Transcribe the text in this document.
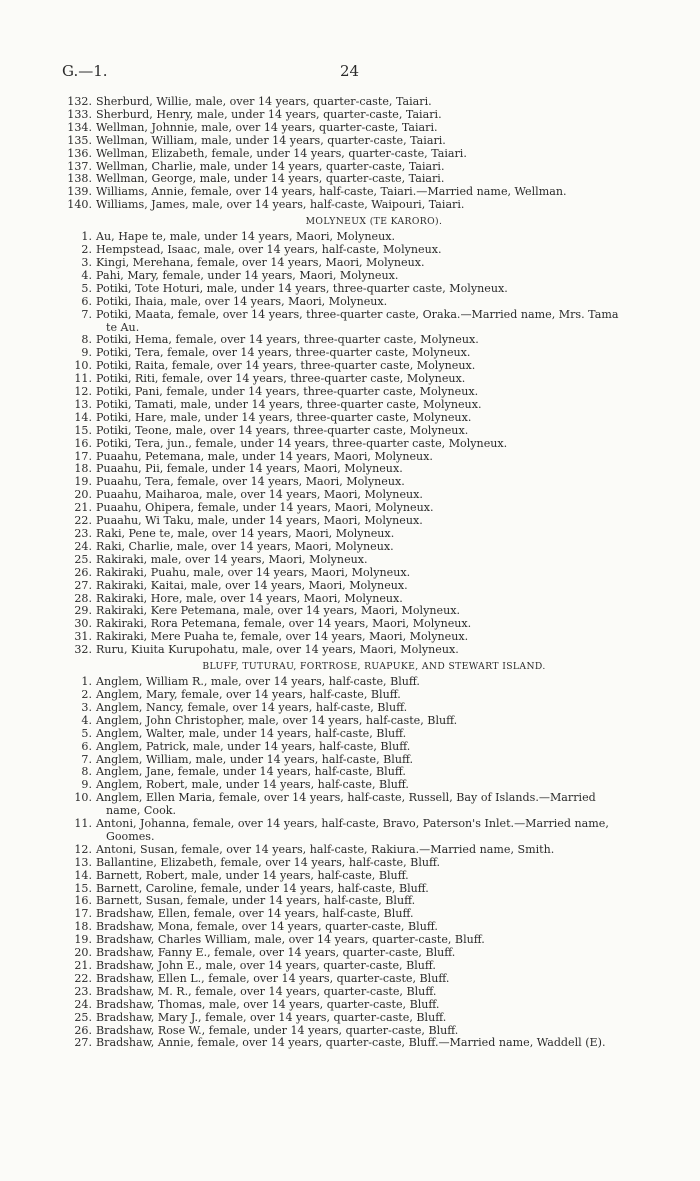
G.—1.	24
132. Sherburd, Willie, male, over 14 years, quarter-caste, Taiari.
133. Sherburd, Henry, male, under 14 years, quarter-caste, Taiari.
134. Wellman, Johnnie, male, over 14 years, quarter-caste, Taiari.
135. Wellman, William, male, under 14 years, quarter-caste, Taiari.
136. Wellman, Elizabeth, female, under 14 years, quarter-caste, Taiari.
137. Wellman, Charlie, male, under 14 years, quarter-caste, Taiari.
138. Wellman, George, male, under 14 years, quarter-caste, Taiari.
139. Williams, Annie, female, over 14 years, half-caste, Taiari.—Married name, Wellman.
140. Williams, James, male, over 14 years, half-caste, Waipouri, Taiari.
MOLYNEUX (TE KARORO).
1. Au, Hape te, male, under 14 years, Maori, Molyneux.
2. Hempstead, Isaac, male, over 14 years, half-caste, Molyneux.
3. Kingi, Merehana, female, over 14 years, Maori, Molyneux.
4. Pahi, Mary, female, under 14 years, Maori, Molyneux.
5. Potiki, Tote Hoturi, male, under 14 years, three-quarter caste, Molyneux.
6. Potiki, Ihaia, male, over 14 years, Maori, Molyneux.
7. Potiki, Maata, female, over 14 years, three-quarter caste, Oraka.—Married name, Mrs. Tama
te Au.
8. Potiki, Hema, female, over 14 years, three-quarter caste, Molyneux.
9. Potiki, Tera, female, over 14 years, three-quarter caste, Molyneux.
10. Potiki, Raita, female, over 14 years, three-quarter caste, Molyneux.
11. Potiki, Riti, female, over 14 years, three-quarter caste, Molyneux.
12. Potiki, Pani, female, under 14 years, three-quarter caste, Molyneux.
13. Potiki, Tamati, male, under 14 years, three-quarter caste, Molyneux.
14. Potiki, Hare, male, under 14 years, three-quarter caste, Molyneux.
15. Potiki, Teone, male, over 14 years, three-quarter caste, Molyneux.
16. Potiki, Tera, jun., female, under 14 years, three-quarter caste, Molyneux.
17. Puaahu, Petemana, male, under 14 years, Maori, Molyneux.
18. Puaahu, Pii, female, under 14 years, Maori, Molyneux.
19. Puaahu, Tera, female, over 14 years, Maori, Molyneux.
20. Puaahu, Maiharoa, male, over 14 years, Maori, Molyneux.
21. Puaahu, Ohipera, female, under 14 years, Maori, Molyneux.
22. Puaahu, Wi Taku, male, under 14 years, Maori, Molyneux.
23. Raki, Pene te, male, over 14 years, Maori, Molyneux.
24. Raki, Charlie, male, over 14 years, Maori, Molyneux.
25. Rakiraki, male, over 14 years, Maori, Molyneux.
26. Rakiraki, Puahu, male, over 14 years, Maori, Molyneux.
27. Rakiraki, Kaitai, male, over 14 years, Maori, Molyneux.
28. Rakiraki, Hore, male, over 14 years, Maori, Molyneux.
29. Rakiraki, Kere Petemana, male, over 14 years, Maori, Molyneux.
30. Rakiraki, Rora Petemana, female, over 14 years, Maori, Molyneux.
31. Rakiraki, Mere Puaha te, female, over 14 years, Maori, Molyneux.
32. Ruru, Kiuita Kurupohatu, male, over 14 years, Maori, Molyneux.
BLUFF, TUTURAU, FORTROSE, RUAPUKE, AND STEWART ISLAND.
1. Anglem, William R., male, over 14 years, half-caste, Bluff.
2. Anglem, Mary, female, over 14 years, half-caste, Bluff.
3. Anglem, Nancy, female, over 14 years, half-caste, Bluff.
4. Anglem, John Christopher, male, over 14 years, half-caste, Bluff.
5. Anglem, Walter, male, under 14 years, half-caste, Bluff.
6. Anglem, Patrick, male, under 14 years, half-caste, Bluff.
7. Anglem, William, male, under 14 years, half-caste, Bluff.
8. Anglem, Jane, female, under 14 years, half-caste, Bluff.
9. Anglem, Robert, male, under 14 years, half-caste, Bluff.
10. Anglem, Ellen Maria, female, over 14 years, half-caste, Russell, Bay of Islands.—Married
name, Cook.
11. Antoni, Johanna, female, over 14 years, half-caste, Bravo, Paterson's Inlet.—Married name,
Goomes.
12. Antoni, Susan, female, over 14 years, half-caste, Rakiura.—Married name, Smith.
13. Ballantine, Elizabeth, female, over 14 years, half-caste, Bluff.
14. Barnett, Robert, male, under 14 years, half-caste, Bluff.
15. Barnett, Caroline, female, under 14 years, half-caste, Bluff.
16. Barnett, Susan, female, under 14 years, half-caste, Bluff.
17. Bradshaw, Ellen, female, over 14 years, half-caste, Bluff.
18. Bradshaw, Mona, female, over 14 years, quarter-caste, Bluff.
19. Bradshaw, Charles William, male, over 14 years, quarter-caste, Bluff.
20. Bradshaw, Fanny E., female, over 14 years, quarter-caste, Bluff.
21. Bradshaw, John E., male, over 14 years, quarter-caste, Bluff.
22. Bradshaw, Ellen L., female, over 14 years, quarter-caste, Bluff.
23. Bradshaw, M. R., female, over 14 years, quarter-caste, Bluff.
24. Bradshaw, Thomas, male, over 14 years, quarter-caste, Bluff.
25. Bradshaw, Mary J., female, over 14 years, quarter-caste, Bluff.
26. Bradshaw, Rose W., female, under 14 years, quarter-caste, Bluff.
27. Bradshaw, Annie, female, over 14 years, quarter-caste, Bluff.—Married name, Waddell (E).
